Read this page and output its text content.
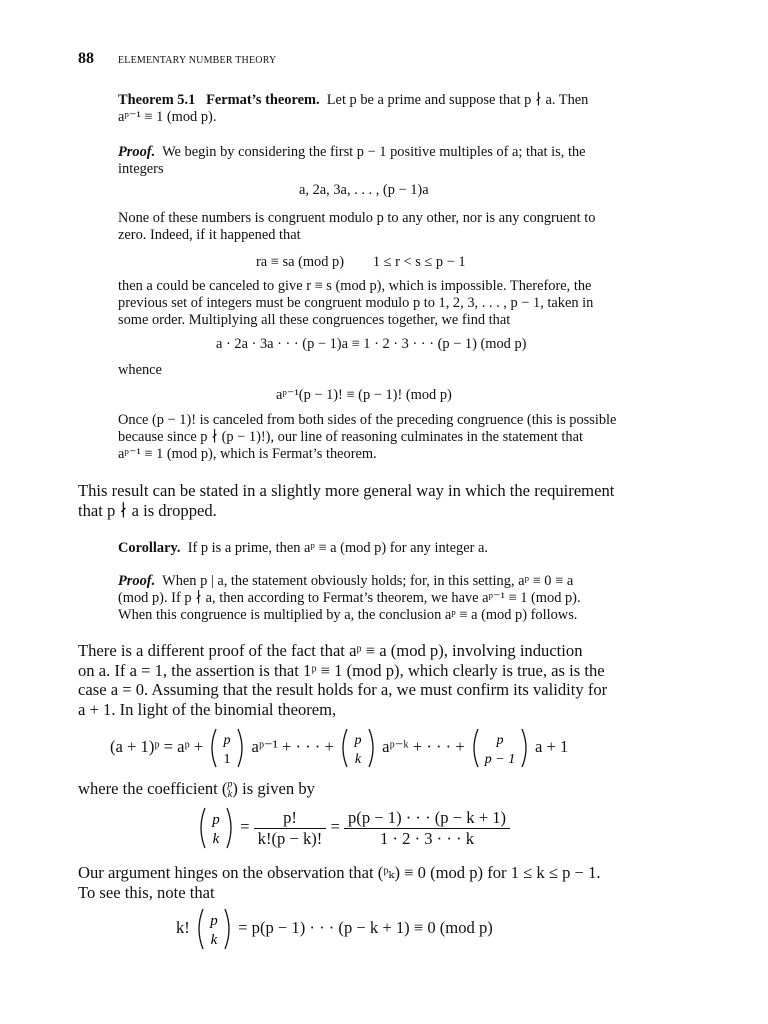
88 ELEMENTARY NUMBER THEORY
Theorem 5.1 Fermat’s theorem. Let p be a prime and suppose that p ∤ a. Then
aᵖ⁻¹ ≡ 1 (mod p).
Proof. We begin by considering the first p − 1 positive multiples of a; that is, the
integers
a, 2a, 3a, . . . , (p − 1)a
None of these numbers is congruent modulo p to any other, nor is any congruent to
zero. Indeed, if it happened that
ra ≡ sa (mod p)        1 ≤ r < s ≤ p − 1
then a could be canceled to give r ≡ s (mod p), which is impossible. Therefore, the
previous set of integers must be congruent modulo p to 1, 2, 3, . . . , p − 1, taken in
some order. Multiplying all these congruences together, we find that
a · 2a · 3a · · · (p − 1)a ≡ 1 · 2 · 3 · · · (p − 1) (mod p)
whence
aᵖ⁻¹(p − 1)! ≡ (p − 1)! (mod p)
Once (p − 1)! is canceled from both sides of the preceding congruence (this is possible
because since p ∤ (p − 1)!), our line of reasoning culminates in the statement that
aᵖ⁻¹ ≡ 1 (mod p), which is Fermat’s theorem.
This result can be stated in a slightly more general way in which the requirement
that p ∤ a is dropped.
Corollary. If p is a prime, then aᵖ ≡ a (mod p) for any integer a.
Proof. When p | a, the statement obviously holds; for, in this setting, aᵖ ≡ 0 ≡ a
(mod p). If p ∤ a, then according to Fermat’s theorem, we have aᵖ⁻¹ ≡ 1 (mod p).
When this congruence is multiplied by a, the conclusion aᵖ ≡ a (mod p) follows.
There is a different proof of the fact that aᵖ ≡ a (mod p), involving induction
on a. If a = 1, the assertion is that 1ᵖ ≡ 1 (mod p), which clearly is true, as is the
case a = 0. Assuming that the result holds for a, we must confirm its validity for
a + 1. In light of the binomial theorem,
(a + 1)ᵖ = aᵖ + p
1
aᵖ⁻¹ + · · · + p
k
aᵖ⁻ᵏ + · · · + p
p − 1
a + 1
where the coefficient ( p
k ) is given by
p
k
= $\frac{p!}{k!(p - k)!} = \frac{p(p - 1) \cdot \cdot \cdot (p - k + 1)}{1 \cdot 2 \cdot 3 \cdot \cdot \cdot k}$
Our argument hinges on the observation that (ᵖₖ) ≡ 0 (mod p) for 1 ≤ k ≤ p − 1.
To see this, note that
k! p
k
= p(p − 1) · · · (p − k + 1) ≡ 0 (mod p)
